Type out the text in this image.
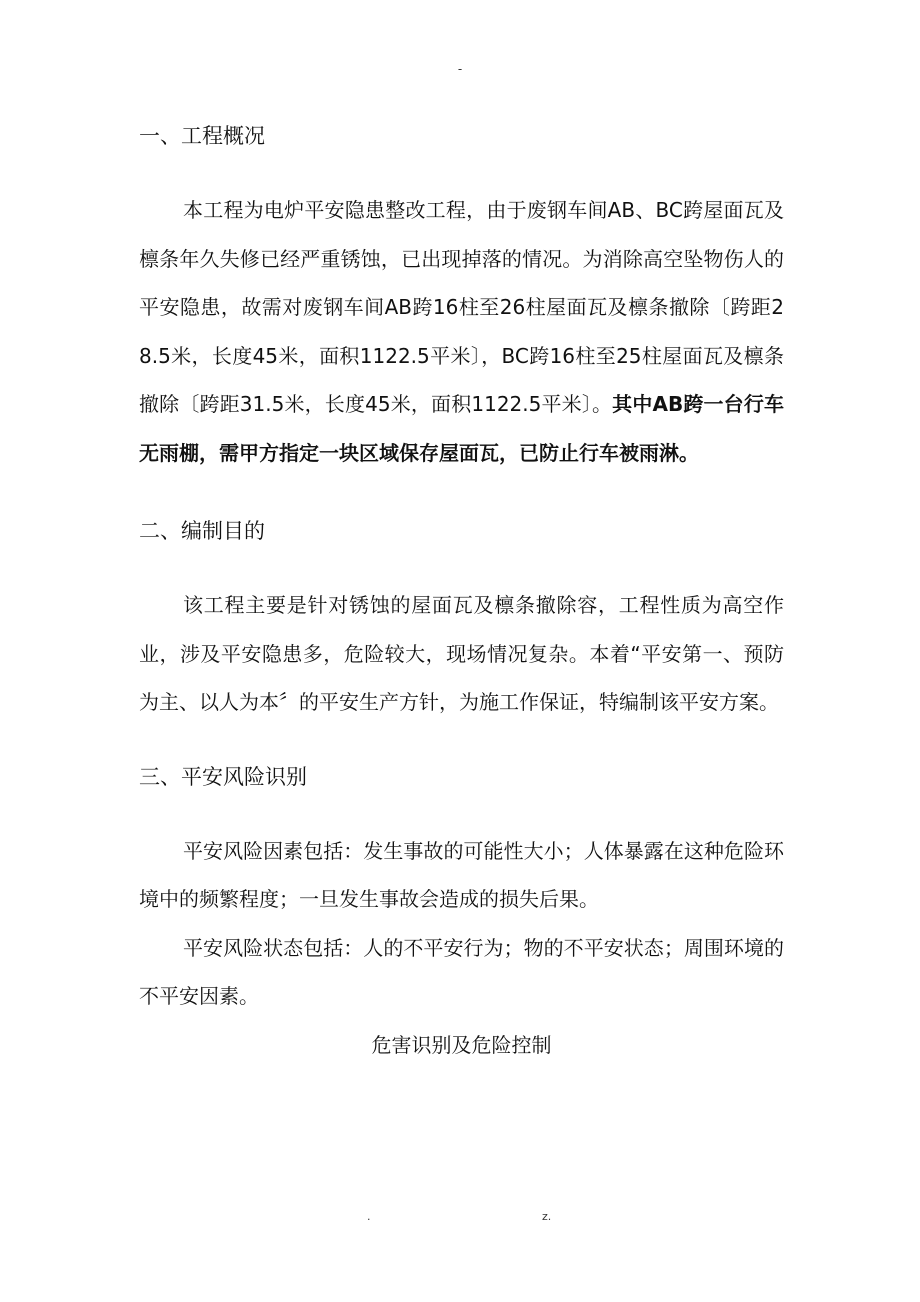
-
一、工程概况

本工程为电炉平安隐患整改工程，由于废钢车间AB、BC跨屋面瓦及檩条年久失修已经严重锈蚀，已出现掉落的情况。为消除高空坠物伤人的平安隐患，故需对废钢车间AB跨16柱至26柱屋面瓦及檩条撤除〔跨距28.5米，长度45米，面积1122.5平米〕，BC跨16柱至25柱屋面瓦及檩条撤除〔跨距31.5米，长度45米，面积1122.5平米〕。其中AB跨一台行车无雨棚，需甲方指定一块区域保存屋面瓦，已防止行车被雨淋。

二、编制目的

该工程主要是针对锈蚀的屋面瓦及檩条撤除容，工程性质为高空作业，涉及平安隐患多，危险较大，现场情况复杂。本着“平安第一、预防为主、以人为本〞的平安生产方针，为施工作保证，特编制该平安方案。

三、平安风险识别

平安风险因素包括：发生事故的可能性大小；人体暴露在这种危险环境中的频繁程度；一旦发生事故会造成的损失后果。

平安风险状态包括：人的不平安行为；物的不平安状态；周围环境的不平安因素。

危害识别及危险控制

.	z.
